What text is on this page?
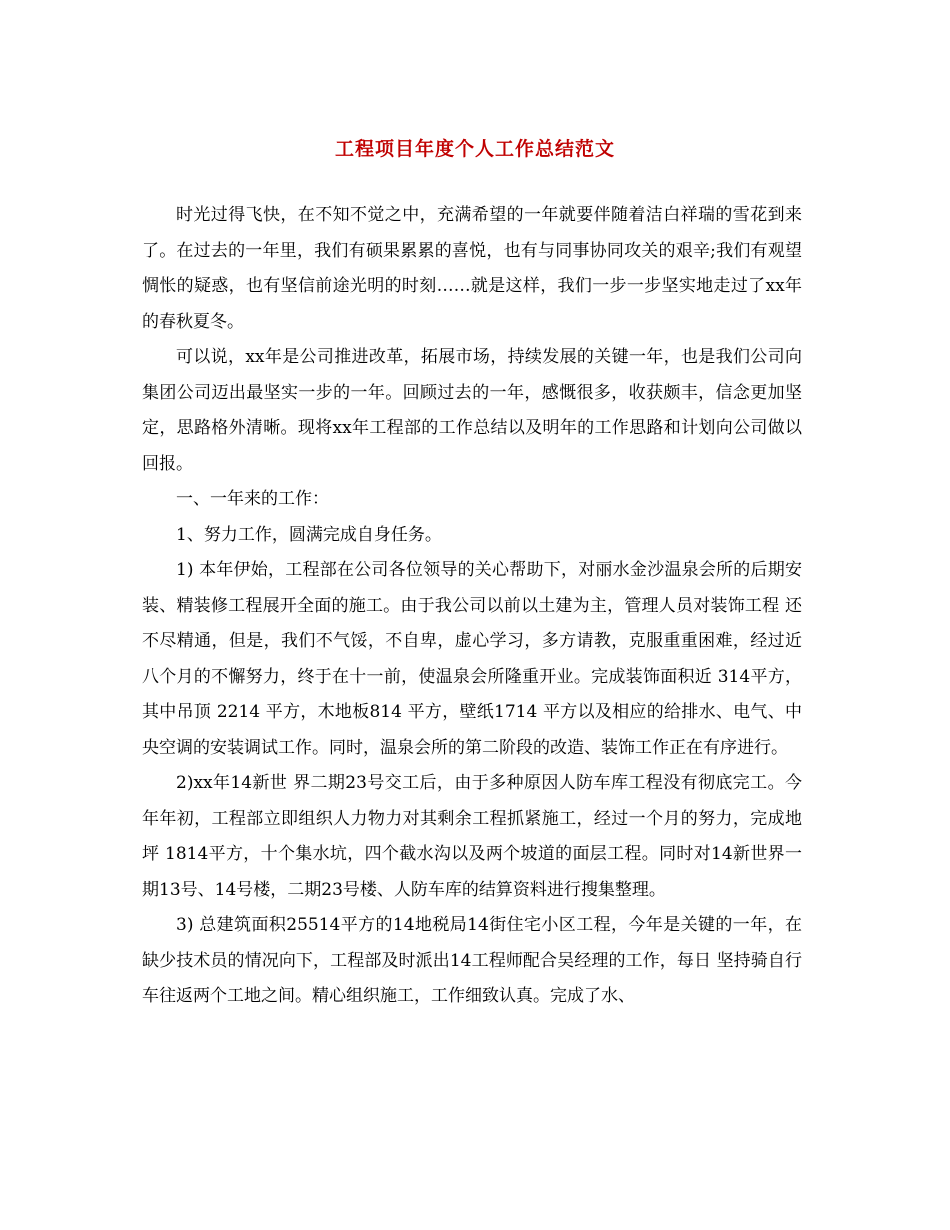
工程项目年度个人工作总结范文

时光过得飞快，在不知不觉之中，充满希望的一年就要伴随着洁白祥瑞的雪花到来了。在过去的一年里，我们有硕果累累的喜悦，也有与同事协同攻关的艰辛;我们有观望惆怅的疑惑，也有坚信前途光明的时刻……就是这样，我们一步一步坚实地走过了xx年的春秋夏冬。

可以说，xx年是公司推进改革，拓展市场，持续发展的关键一年，也是我们公司向集团公司迈出最坚实一步的一年。回顾过去的一年，感慨很多，收获颇丰，信念更加坚定，思路格外清晰。现将xx年工程部的工作总结以及明年的工作思路和计划向公司做以回报。

一、一年来的工作：

1、努力工作，圆满完成自身任务。

1) 本年伊始，工程部在公司各位领导的关心帮助下，对丽水金沙温泉会所的后期安装、精装修工程展开全面的施工。由于我公司以前以土建为主，管理人员对装饰工程 还不尽精通，但是，我们不气馁，不自卑，虚心学习，多方请教，克服重重困难，经过近八个月的不懈努力，终于在十一前，使温泉会所隆重开业。完成装饰面积近 314平方，其中吊顶 2214 平方，木地板814 平方，壁纸1714 平方以及相应的给排水、电气、中央空调的安装调试工作。同时，温泉会所的第二阶段的改造、装饰工作正在有序进行。

2)xx年14新世 界二期23号交工后，由于多种原因人防车库工程没有彻底完工。今年年初，工程部立即组织人力物力对其剩余工程抓紧施工，经过一个月的努力，完成地坪 1814平方，十个集水坑，四个截水沟以及两个坡道的面层工程。同时对14新世界一期13号、14号楼，二期23号楼、人防车库的结算资料进行搜集整理。

3) 总建筑面积25514平方的14地税局14街住宅小区工程，今年是关键的一年，在缺少技术员的情况向下，工程部及时派出14工程师配合吴经理的工作，每日 坚持骑自行车往返两个工地之间。精心组织施工，工作细致认真。完成了水、
